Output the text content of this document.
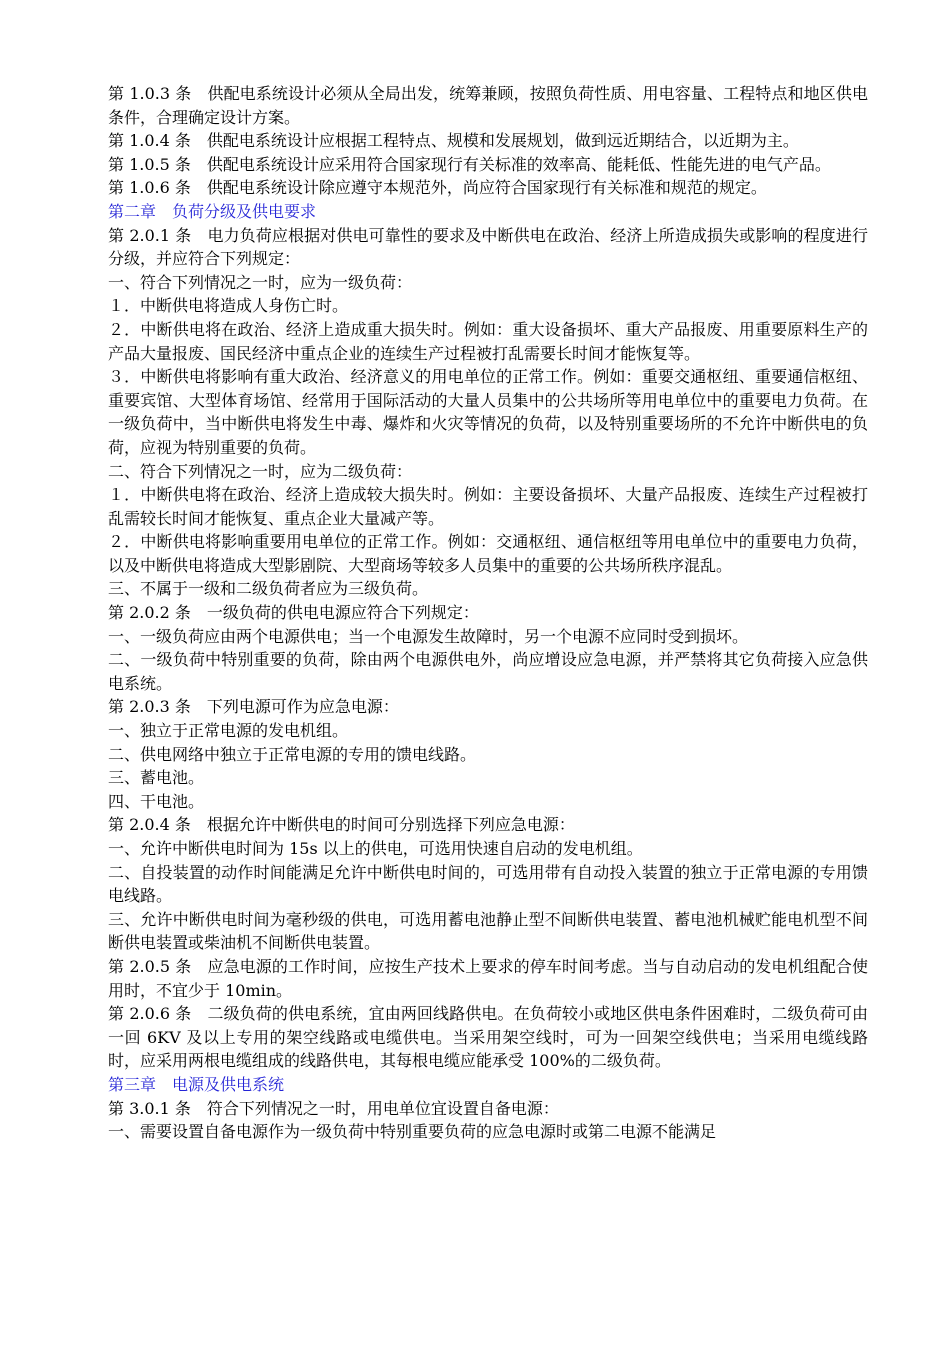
第 1.0.3 条　供配电系统设计必须从全局出发，统筹兼顾，按照负荷性质、用电容量、工程特点和地区供电条件，合理确定设计方案。

第 1.0.4 条　供配电系统设计应根据工程特点、规模和发展规划，做到远近期结合，以近期为主。

第 1.0.5 条　供配电系统设计应采用符合国家现行有关标准的效率高、能耗低、性能先进的电气产品。

第 1.0.6 条　供配电系统设计除应遵守本规范外，尚应符合国家现行有关标准和规范的规定。

第二章　负荷分级及供电要求

第 2.0.1 条　电力负荷应根据对供电可靠性的要求及中断供电在政治、经济上所造成损失或影响的程度进行分级，并应符合下列规定：

一、符合下列情况之一时，应为一级负荷：

１．中断供电将造成人身伤亡时。

２．中断供电将在政治、经济上造成重大损失时。例如：重大设备损坏、重大产品报废、用重要原料生产的产品大量报废、国民经济中重点企业的连续生产过程被打乱需要长时间才能恢复等。

３．中断供电将影响有重大政治、经济意义的用电单位的正常工作。例如：重要交通枢纽、重要通信枢纽、重要宾馆、大型体育场馆、经常用于国际活动的大量人员集中的公共场所等用电单位中的重要电力负荷。在一级负荷中，当中断供电将发生中毒、爆炸和火灾等情况的负荷，以及特别重要场所的不允许中断供电的负荷，应视为特别重要的负荷。

二、符合下列情况之一时，应为二级负荷：

１．中断供电将在政治、经济上造成较大损失时。例如：主要设备损坏、大量产品报废、连续生产过程被打乱需较长时间才能恢复、重点企业大量减产等。

２．中断供电将影响重要用电单位的正常工作。例如：交通枢纽、通信枢纽等用电单位中的重要电力负荷，以及中断供电将造成大型影剧院、大型商场等较多人员集中的重要的公共场所秩序混乱。

三、不属于一级和二级负荷者应为三级负荷。

第 2.0.2 条　一级负荷的供电电源应符合下列规定：

一、一级负荷应由两个电源供电；当一个电源发生故障时，另一个电源不应同时受到损坏。

二、一级负荷中特别重要的负荷，除由两个电源供电外，尚应增设应急电源，并严禁将其它负荷接入应急供电系统。

第 2.0.3 条　下列电源可作为应急电源：

一、独立于正常电源的发电机组。

二、供电网络中独立于正常电源的专用的馈电线路。

三、蓄电池。

四、干电池。

第 2.0.4 条　根据允许中断供电的时间可分别选择下列应急电源：

一、允许中断供电时间为 15s 以上的供电，可选用快速自启动的发电机组。

二、自投装置的动作时间能满足允许中断供电时间的，可选用带有自动投入装置的独立于正常电源的专用馈电线路。

三、允许中断供电时间为毫秒级的供电，可选用蓄电池静止型不间断供电装置、蓄电池机械贮能电机型不间断供电装置或柴油机不间断供电装置。

第 2.0.5 条　应急电源的工作时间，应按生产技术上要求的停车时间考虑。当与自动启动的发电机组配合使用时，不宜少于 10min。

第 2.0.6 条　二级负荷的供电系统，宜由两回线路供电。在负荷较小或地区供电条件困难时，二级负荷可由一回 6KV 及以上专用的架空线路或电缆供电。当采用架空线时，可为一回架空线供电；当采用电缆线路时，应采用两根电缆组成的线路供电，其每根电缆应能承受 100%的二级负荷。

第三章　电源及供电系统

第 3.0.1 条　符合下列情况之一时，用电单位宜设置自备电源：

一、需要设置自备电源作为一级负荷中特别重要负荷的应急电源时或第二电源不能满足
